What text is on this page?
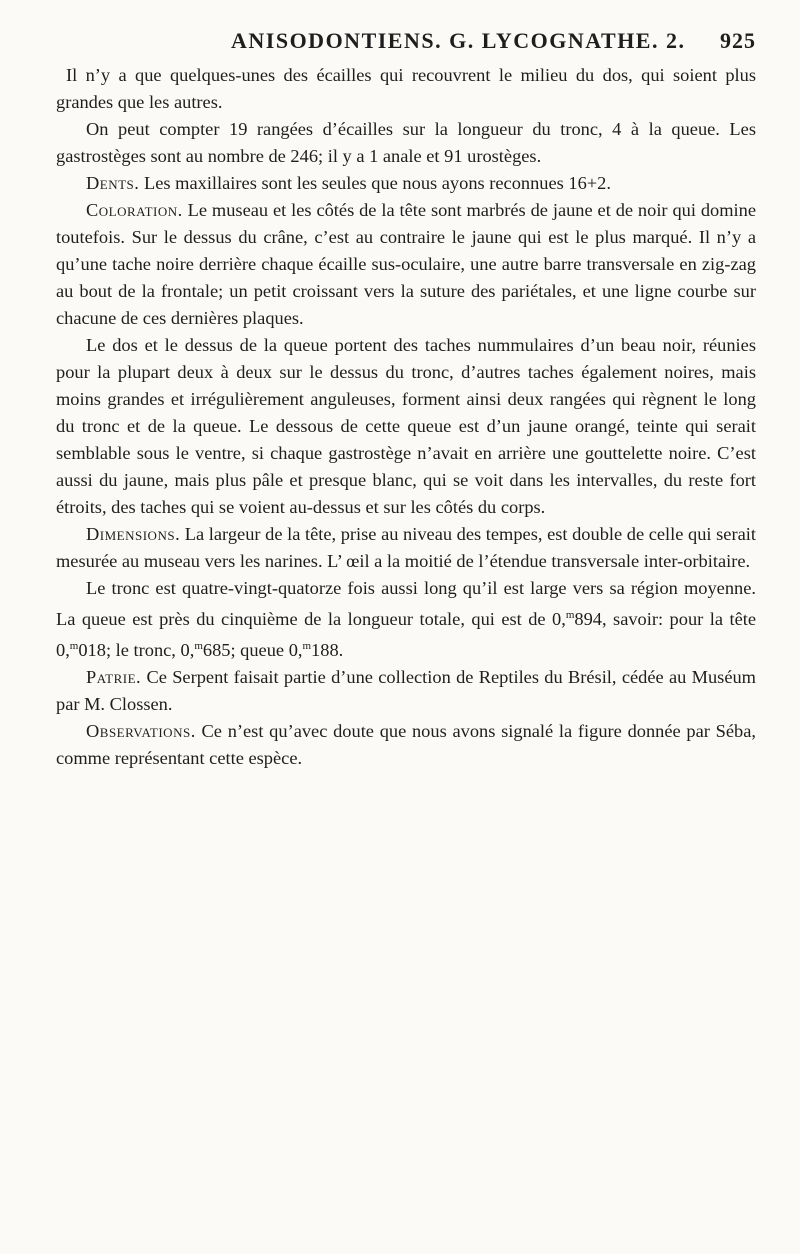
ANISODONTIENS. G. LYCOGNATHE. 2. 925

Il n’y a que quelques-unes des écailles qui recouvrent le milieu du dos, qui soient plus grandes que les autres.

On peut compter 19 rangées d’écailles sur la longueur du tronc, 4 à la queue. Les gastrostèges sont au nombre de 246; il y a 1 anale et 91 urostèges.

Dents. Les maxillaires sont les seules que nous ayons reconnues 16+2.

Coloration. Le museau et les côtés de la tête sont marbrés de jaune et de noir qui domine toutefois. Sur le dessus du crâne, c’est au contraire le jaune qui est le plus marqué. Il n’y a qu’une tache noire derrière chaque écaille sus-oculaire, une autre barre transversale en zig-zag au bout de la frontale; un petit croissant vers la suture des pariétales, et une ligne courbe sur chacune de ces dernières plaques.

Le dos et le dessus de la queue portent des taches nummulaires d’un beau noir, réunies pour la plupart deux à deux sur le dessus du tronc, d’autres taches également noires, mais moins grandes et irrégulièrement anguleuses, forment ainsi deux rangées qui règnent le long du tronc et de la queue. Le dessous de cette queue est d’un jaune orangé, teinte qui serait semblable sous le ventre, si chaque gastrostège n’avait en arrière une gouttelette noire. C’est aussi du jaune, mais plus pâle et presque blanc, qui se voit dans les intervalles, du reste fort étroits, des taches qui se voient au-dessus et sur les côtés du corps.

Dimensions. La largeur de la tête, prise au niveau des tempes, est double de celle qui serait mesurée au museau vers les narines. L’ œil a la moitié de l’étendue transversale inter-orbitaire.

Le tronc est quatre-vingt-quatorze fois aussi long qu’il est large vers sa région moyenne. La queue est près du cinquième de la longueur totale, qui est de 0,$^m$894, savoir: pour la tête 0,$^m$018; le tronc, 0,$^m$685; queue 0,$^m$188.

Patrie. Ce Serpent faisait partie d’une collection de Reptiles du Brésil, cédée au Muséum par M. Clossen.

Observations. Ce n’est qu’avec doute que nous avons signalé la figure donnée par Séba, comme représentant cette espèce.
